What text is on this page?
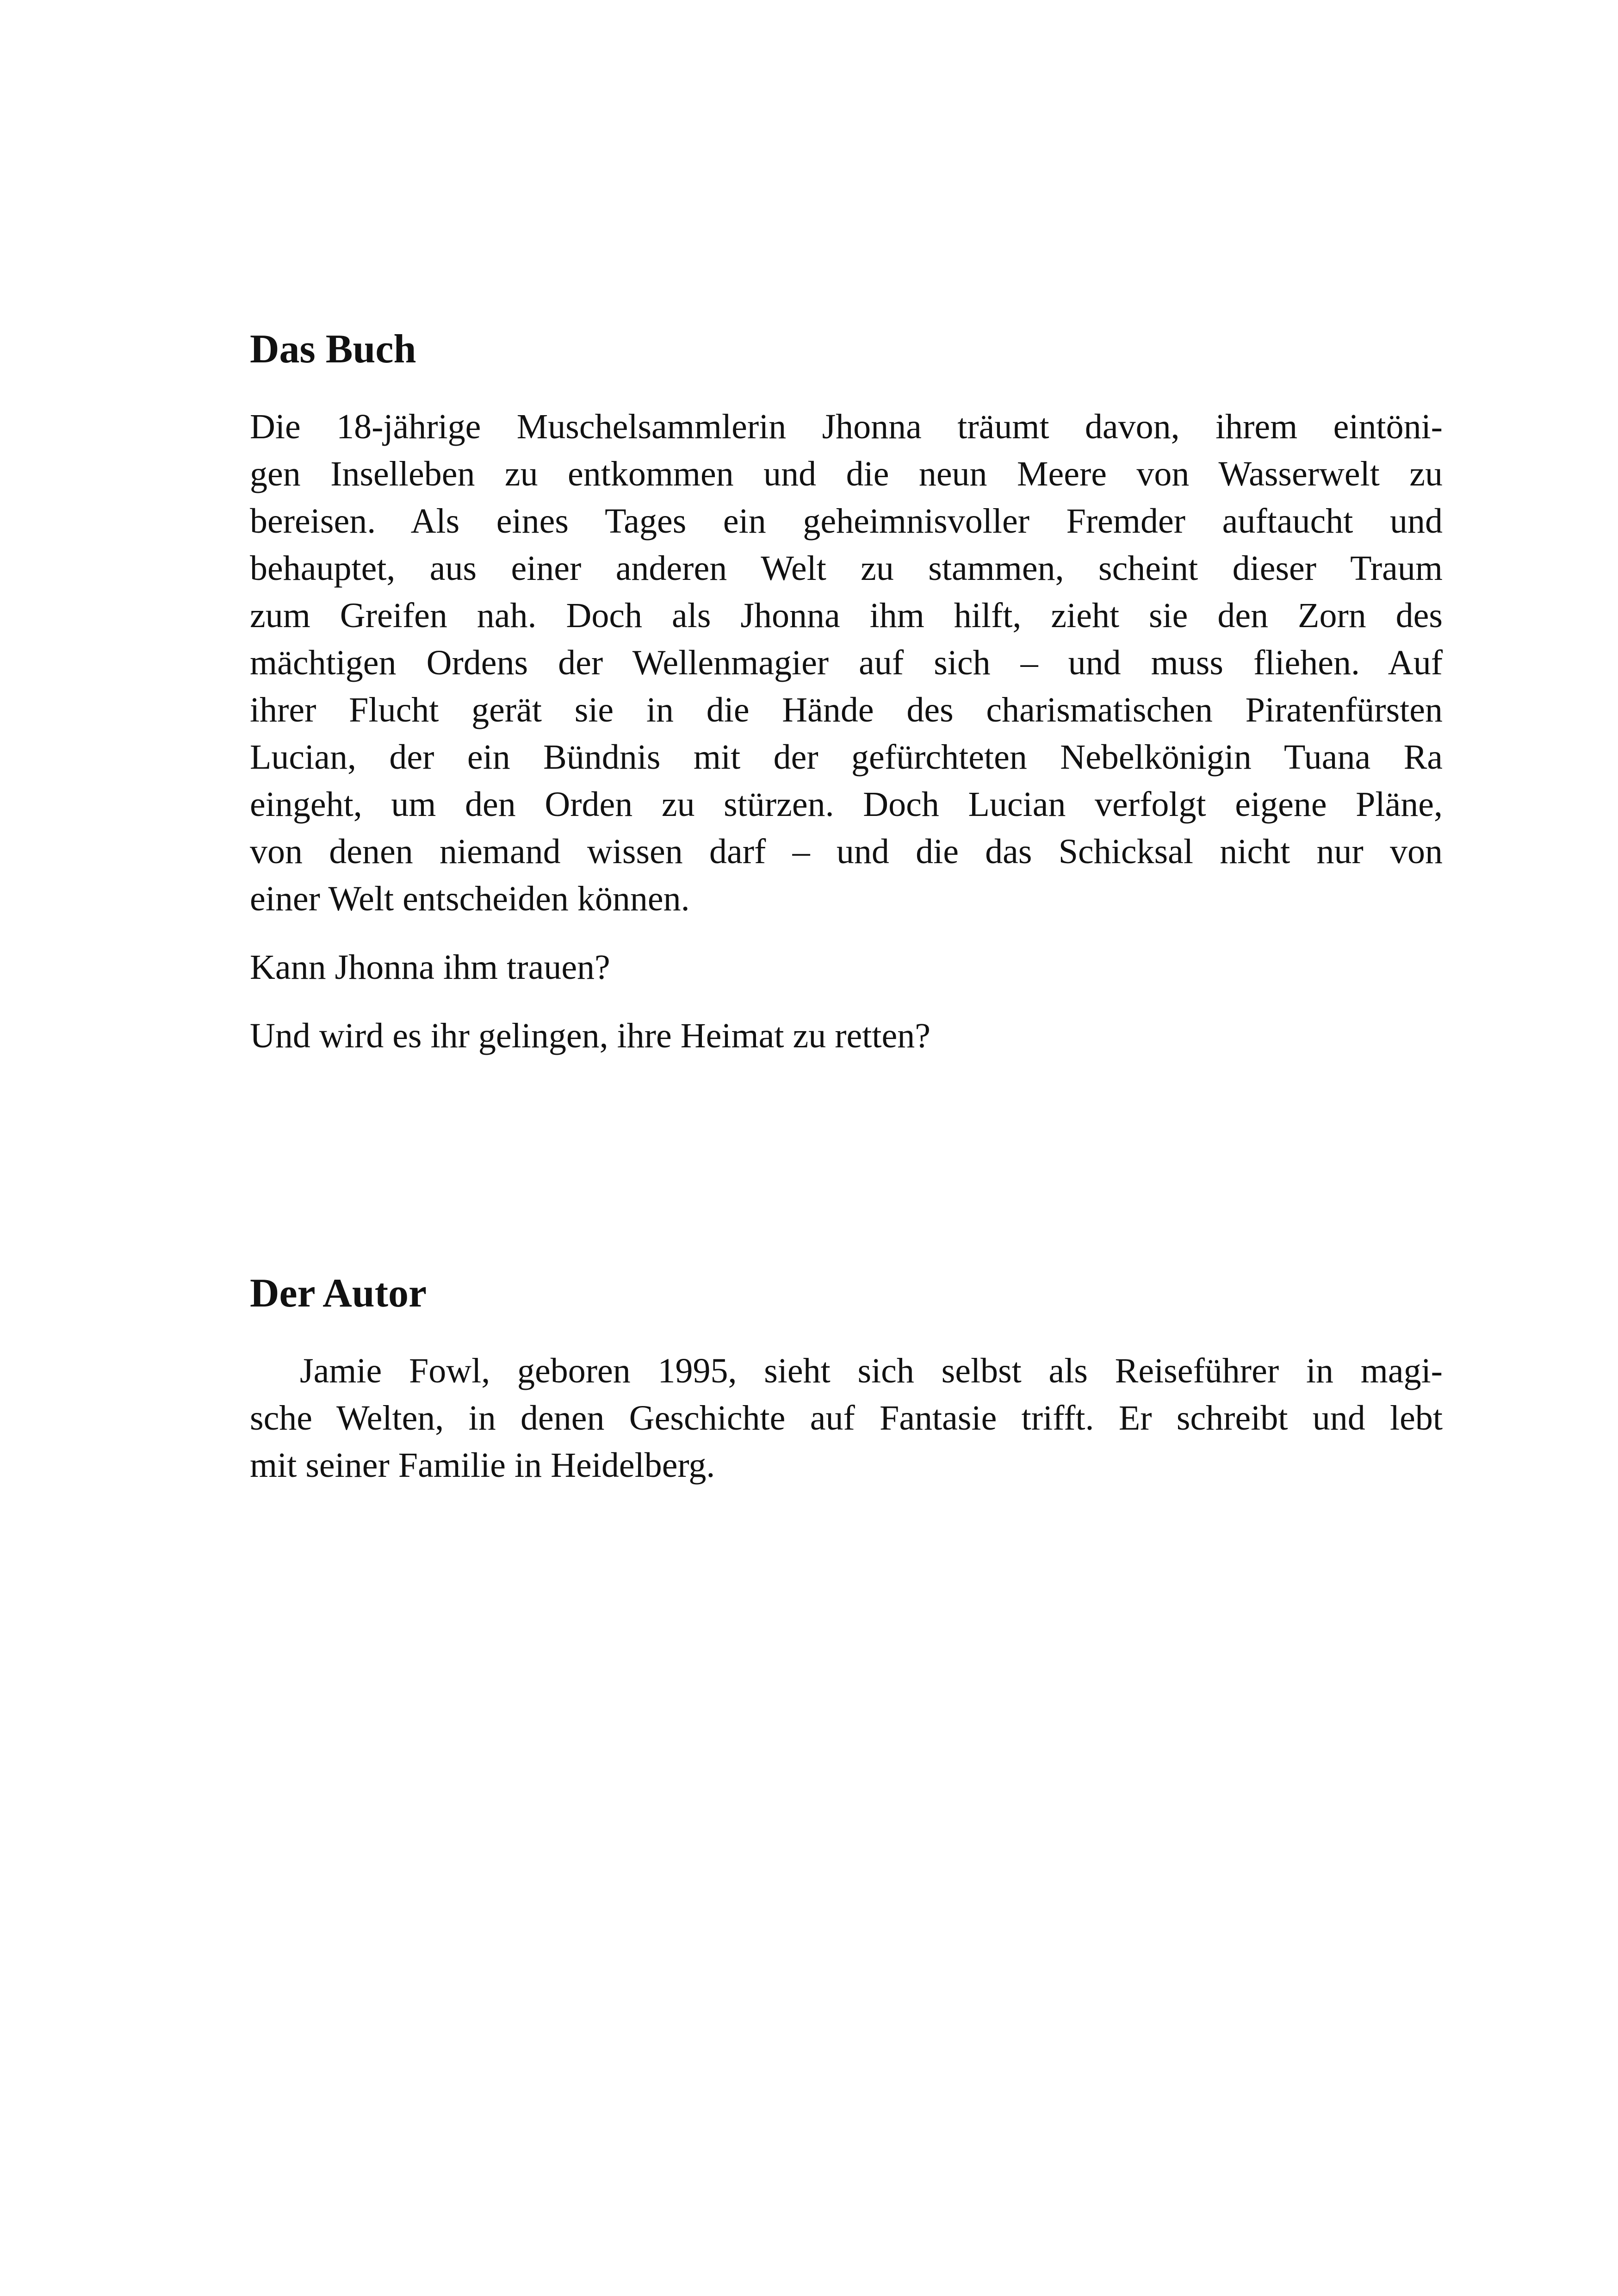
Das Buch

Die 18-jährige Muschelsammlerin Jhonna träumt davon, ihrem eintöni-

gen Inselleben zu entkommen und die neun Meere von Wasserwelt zu

bereisen. Als eines Tages ein geheimnisvoller Fremder auftaucht und

behauptet, aus einer anderen Welt zu stammen, scheint dieser Traum

zum Greifen nah. Doch als Jhonna ihm hilft, zieht sie den Zorn des

mächtigen Ordens der Wellenmagier auf sich – und muss fliehen. Auf

ihrer Flucht gerät sie in die Hände des charismatischen Piratenfürsten

Lucian, der ein Bündnis mit der gefürchteten Nebelkönigin Tuana Ra

eingeht, um den Orden zu stürzen. Doch Lucian verfolgt eigene Pläne,

von denen niemand wissen darf – und die das Schicksal nicht nur von

einer Welt entscheiden können.

Kann Jhonna ihm trauen?

Und wird es ihr gelingen, ihre Heimat zu retten?

Der Autor

Jamie Fowl, geboren 1995, sieht sich selbst als Reiseführer in magi-

sche Welten, in denen Geschichte auf Fantasie trifft. Er schreibt und lebt

mit seiner Familie in Heidelberg.
